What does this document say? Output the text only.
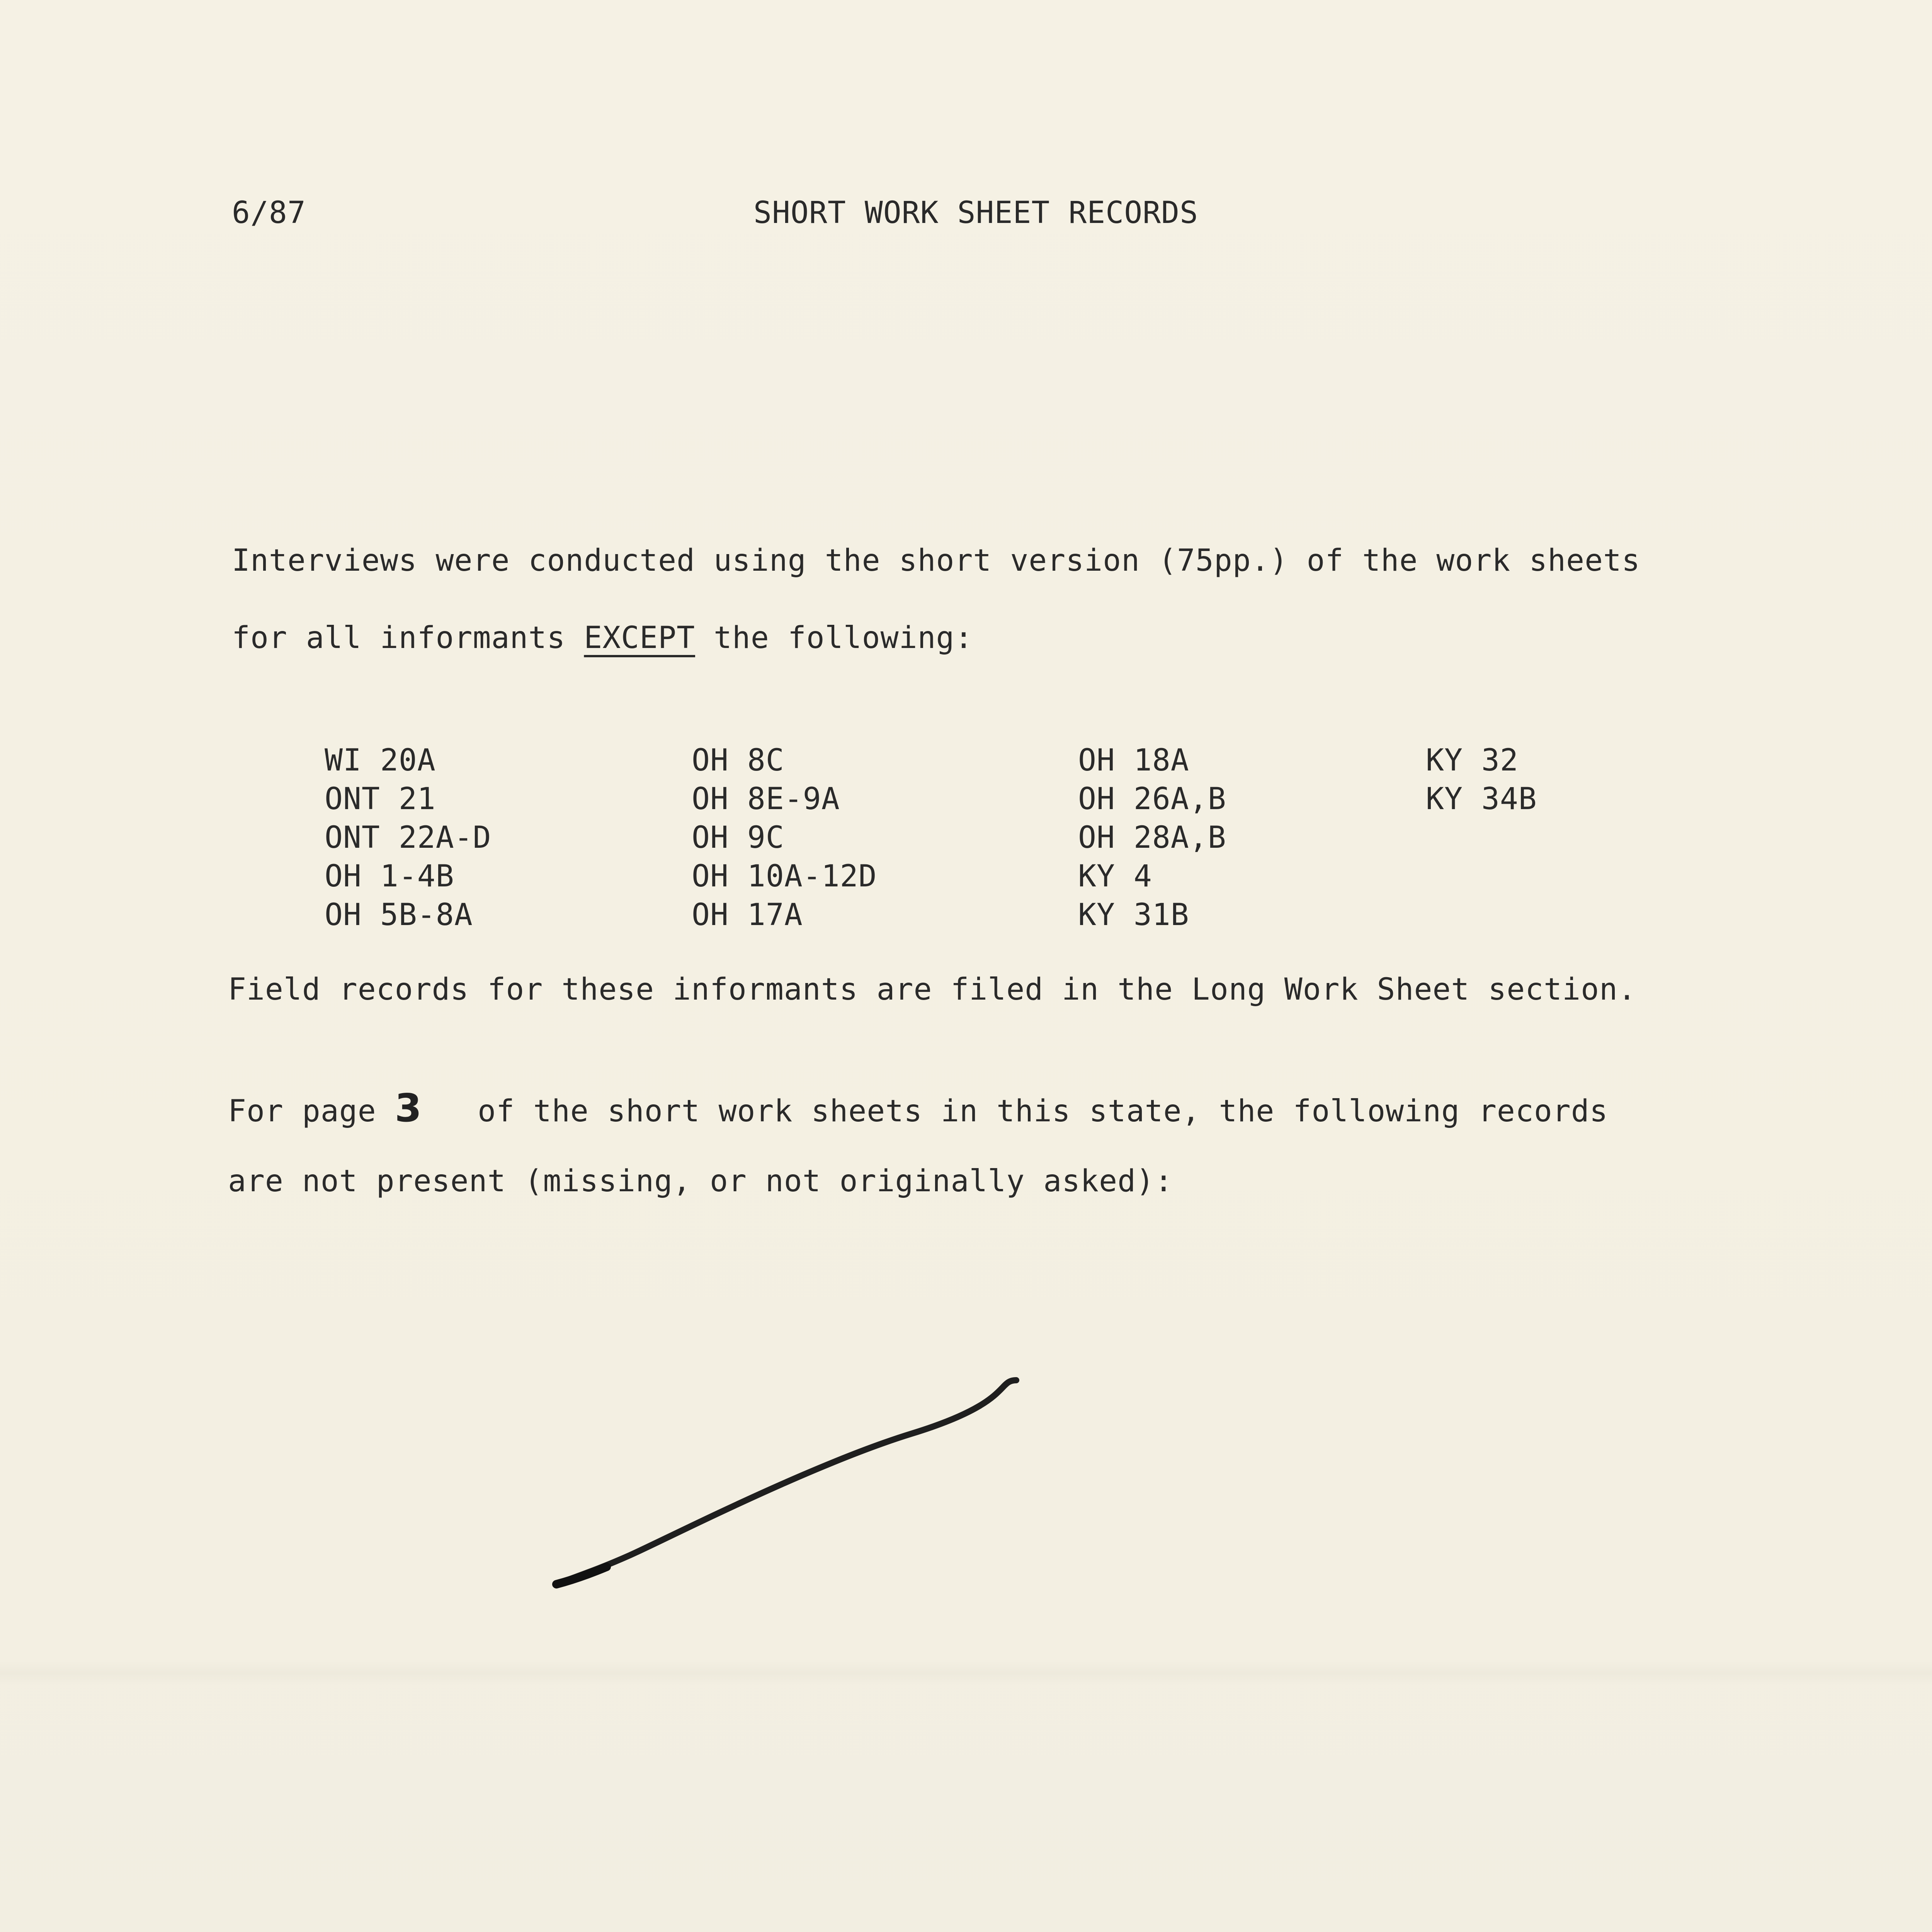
6/87	SHORT WORK SHEET RECORDS
Interviews were conducted using the short version (75pp.) of the work sheets
for all informants EXCEPT the following:
WI 20A
ONT 21
ONT 22A-D
OH 1-4B
OH 5B-8A
OH 8C
OH 8E-9A
OH 9C
OH 10A-12D
OH 17A
OH 18A
OH 26A,B
OH 28A,B
KY 4
KY 31B
KY 32
KY 34B
Field records for these informants are filed in the Long Work Sheet section.
For page 3   of the short work sheets in this state, the following records
are not present (missing, or not originally asked):
